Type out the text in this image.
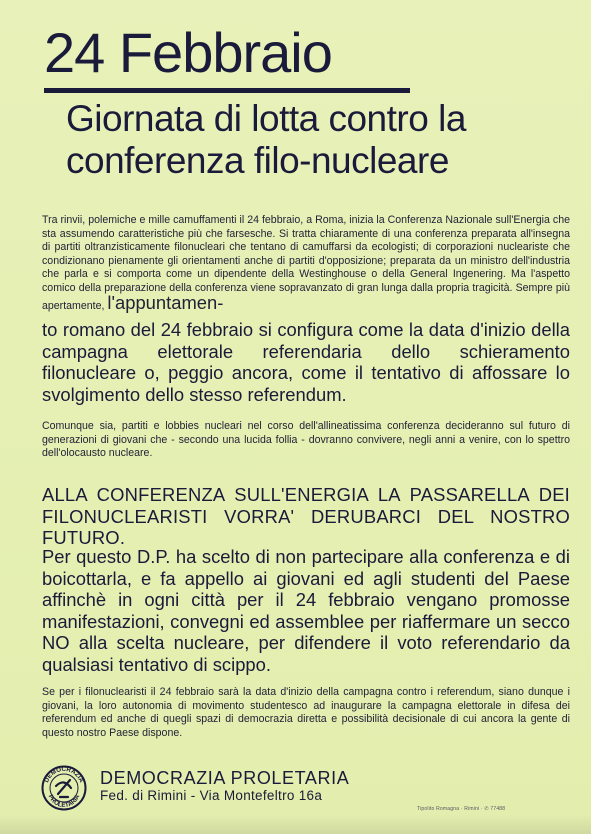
24 Febbraio
Giornata di lotta contro la conferenza filo-nucleare
Tra rinvii, polemiche e mille camuffamenti il 24 febbraio, a Roma, inizia la Conferenza Nazionale sull'Energia che sta assumendo caratteristiche più che farsesche. Si tratta chiaramente di una conferenza preparata all'insegna di partiti oltranzisticamente filonucleari che tentano di camuffarsi da ecologisti; di corporazioni nucleariste che condizionano pienamente gli orientamenti anche di partiti d'opposizione; preparata da un ministro dell'industria che parla e si comporta come un dipendente della Westinghouse o della General Ingenering. Ma l'aspetto comico della preparazione della conferenza viene sopravanzato di gran lunga dalla propria tragicità. Sempre più apertamente, l'appuntamen-
to romano del 24 febbraio si configura come la data d'inizio della campagna elettorale referendaria dello schieramento filonucleare o, peggio ancora, come il tentativo di affossare lo svolgimento dello stesso referendum.
Comunque sia, partiti e lobbies nucleari nel corso dell'allineatissima conferenza decideranno sul futuro di generazioni di giovani che - secondo una lucida follia - dovranno convivere, negli anni a venire, con lo spettro dell'olocausto nucleare.
ALLA CONFERENZA SULL'ENERGIA LA PASSARELLA DEI FILONUCLEARISTI VORRA' DERUBARCI DEL NOSTRO FUTURO.
Per questo D.P. ha scelto di non partecipare alla conferenza e di boicottarla, e fa appello ai giovani ed agli studenti del Paese affinchè in ogni città per il 24 febbraio vengano promosse manifestazioni, convegni ed assemblee per riaffermare un secco NO alla scelta nucleare, per difendere il voto referendario da qualsiasi tentativo di scippo.
Se per i filonuclearisti il 24 febbraio sarà la data d'inizio della campagna contro i referendum, siano dunque i giovani, la loro autonomia di movimento studentesco ad inaugurare la campagna elettorale in difesa dei referendum ed anche di quegli spazi di democrazia diretta e possibilità decisionale di cui ancora la gente di questo nostro Paese dispone.
DEMOCRAZIA
PROLETARIA
DEMOCRAZIA PROLETARIA
Fed. di Rimini - Via Montefeltro 16a
Tipolito Romagna · Rimini · ✆ 77488
